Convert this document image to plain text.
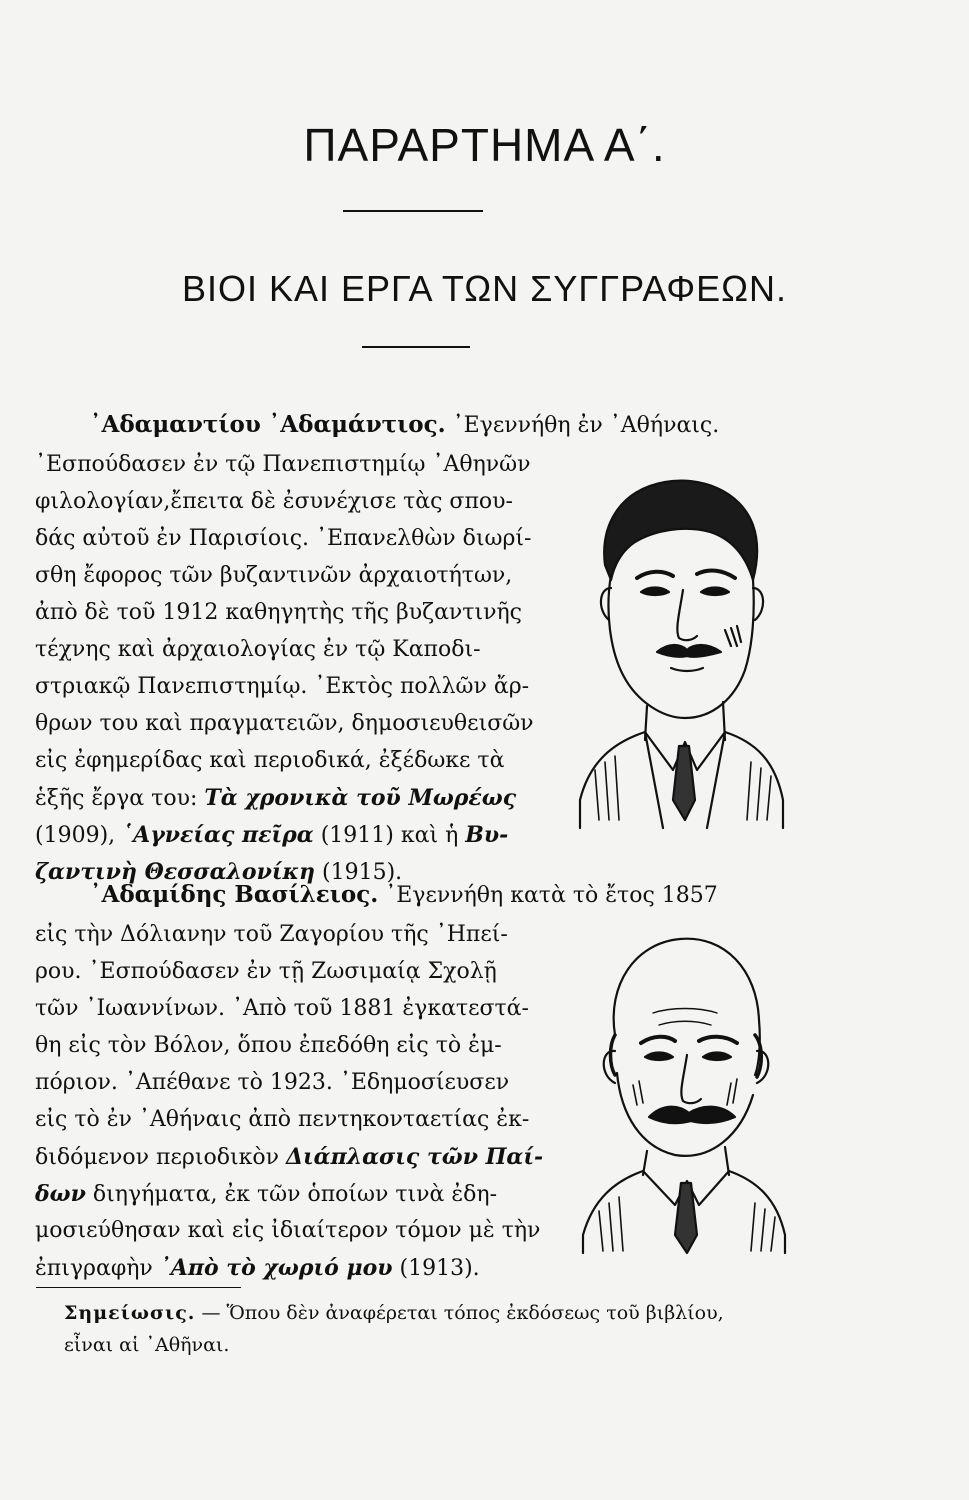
ΠΑΡΑΡΤΗΜΑ Α΄.
ΒΙΟΙ ΚΑΙ ΕΡΓΑ ΤΩΝ ΣΥΓΓΡΑΦΕΩΝ.
᾿Αδαμαντίου ᾿Αδαμάντιος. ᾿Εγεννήθη ἐν ᾿Αθήναις.
᾿Εσπούδασεν ἐν τῷ Πανεπιστημίῳ ᾿Αθηνῶν
φιλολογίαν,ἔπειτα δὲ ἐσυνέχισε τὰς σπου-
δάς αὐτοῦ ἐν Παρισίοις. ᾿Επανελθὼν διωρί-
σθη ἔφορος τῶν βυζαντινῶν ἀρχαιοτήτων,
ἀπὸ δὲ τοῦ 1912 καθηγητὴς τῆς βυζαντινῆς
τέχνης καὶ ἀρχαιολογίας ἐν τῷ Καποδι-
στριακῷ Πανεπιστημίῳ. ᾿Εκτὸς πολλῶν ἄρ-
θρων του καὶ πραγματειῶν, δημοσιευθεισῶν
εἰς ἐφημερίδας καὶ περιοδικά, ἐξέδωκε τὰ
ἑξῆς ἔργα του: Τὰ χρονικὰ τοῦ Μωρέως
(1909), ῾Αγνείας πεῖρα (1911) καὶ ἡ Βυ-
ζαντινὴ Θεσσαλονίκη (1915).
᾿Αδαμίδης Βασίλειος. ᾿Εγεννήθη κατὰ τὸ ἔτος 1857
εἰς τὴν Δόλιανην τοῦ Ζαγορίου τῆς ᾿Ηπεί-
ρου. ᾿Εσπούδασεν ἐν τῇ Ζωσιμαίᾳ Σχολῇ
τῶν ᾿Ιωαννίνων. ᾿Απὸ τοῦ 1881 ἐγκατεστά-
θη εἰς τὸν Βόλον, ὅπου ἐπεδόθη εἰς τὸ ἐμ-
πόριον. ᾿Απέθανε τὸ 1923. ᾿Εδημοσίευσεν
εἰς τὸ ἐν ᾿Αθήναις ἀπὸ πεντηκονταετίας ἐκ-
διδόμενον περιοδικὸν Διάπλασις τῶν Παί-
δων διηγήματα, ἐκ τῶν ὁποίων τινὰ ἐδη-
μοσιεύθησαν καὶ εἰς ἰδιαίτερον τόμον μὲ τὴν
ἐπιγραφὴν ᾿Απὸ τὸ χωριό μου (1913).
Σημείωσις. — Ὅπου δὲν ἀναφέρεται τόπος ἐκδόσεως τοῦ βιβλίου,
εἶναι αἱ ᾿Αθῆναι.
